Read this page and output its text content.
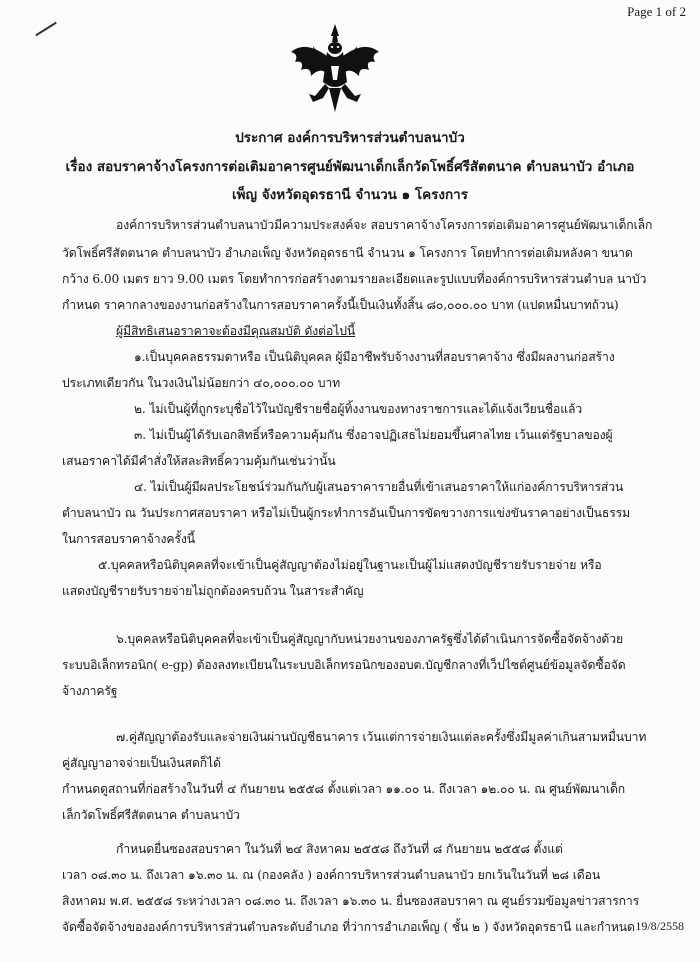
Page 1 of 2
ประกาศ องค์การบริหารส่วนตำบลนาบัว
เรื่อง สอบราคาจ้างโครงการต่อเติมอาคารศูนย์พัฒนาเด็กเล็กวัดโพธิ์ศรีสัตตนาค ตำบลนาบัว อำเภอ
เพ็ญ จังหวัดอุดรธานี จำนวน ๑ โครงการ
องค์การบริหารส่วนตำบลนาบัวมีความประสงค์จะ สอบราคาจ้างโครงการต่อเติมอาคารศูนย์พัฒนาเด็กเล็ก
วัดโพธิ์ศรีสัตตนาค ตำบลนาบัว อำเภอเพ็ญ จังหวัดอุดรธานี จำนวน ๑ โครงการ โดยทำการต่อเติมหลังคา ขนาด
กว้าง 6.00 เมตร ยาว 9.00 เมตร โดยทำการก่อสร้างตามรายละเอียดและรูปแบบที่องค์การบริหารส่วนตำบล นาบัว
กำหนด ราคากลางของงานก่อสร้างในการสอบราคาครั้งนี้เป็นเงินทั้งสิ้น ๘๐,๐๐๐.๐๐ บาท (แปดหมื่นบาทถ้วน)
ผู้มีสิทธิเสนอราคาจะต้องมีคุณสมบัติ ดังต่อไปนี้
๑.เป็นบุคคลธรรมดาหรือ เป็นนิติบุคคล ผู้มีอาชีพรับจ้างงานที่สอบราคาจ้าง ซึ่งมีผลงานก่อสร้าง
ประเภทเดียวกัน ในวงเงินไม่น้อยกว่า ๔๐,๐๐๐.๐๐ บาท
๒. ไม่เป็นผู้ที่ถูกระบุชื่อไว้ในบัญชีรายชื่อผู้ทิ้งงานของทางราชการและได้แจ้งเวียนชื่อแล้ว
๓. ไม่เป็นผู้ได้รับเอกสิทธิ์หรือความคุ้มกัน ซึ่งอาจปฏิเสธไม่ยอมขึ้นศาลไทย เว้นแต่รัฐบาลของผู้
เสนอราคาได้มีคำสั่งให้สละสิทธิ์ความคุ้มกันเช่นว่านั้น
๔. ไม่เป็นผู้มีผลประโยชน์ร่วมกันกับผู้เสนอราคารายอื่นที่เข้าเสนอราคาให้แก่องค์การบริหารส่วน
ตำบลนาบัว ณ วันประกาศสอบราคา หรือไม่เป็นผู้กระทำการอันเป็นการขัดขวางการแข่งขันราคาอย่างเป็นธรรม
ในการสอบราคาจ้างครั้งนี้
๕.บุคคลหรือนิติบุคคลที่จะเข้าเป็นคู่สัญญาต้องไม่อยู่ในฐานะเป็นผู้ไม่แสดงบัญชีรายรับรายจ่าย หรือ
แสดงบัญชีรายรับรายจ่ายไม่ถูกต้องครบถ้วน ในสาระสำคัญ
๖.บุคคลหรือนิติบุคคลที่จะเข้าเป็นคู่สัญญากับหน่วยงานของภาครัฐซึ่งได้ดำเนินการจัดซื้อจัดจ้างด้วย
ระบบอิเล็กทรอนิก( e-gp) ต้องลงทะเบียนในระบบอิเล็กทรอนิกของอบต.บัญชีกลางที่เว็ปไซต์ศูนย์ข้อมูลจัดซื้อจัด
จ้างภาครัฐ
๗.คู่สัญญาต้องรับและจ่ายเงินผ่านบัญชีธนาคาร เว้นแต่การจ่ายเงินแต่ละครั้งซึ่งมีมูลค่าเกินสามหมื่นบาท
คู่สัญญาอาจจ่ายเป็นเงินสดก็ได้
กำหนดดูสถานที่ก่อสร้างในวันที่ ๔ กันยายน ๒๕๕๘ ตั้งแต่เวลา ๑๑.๐๐ น. ถึงเวลา ๑๒.๐๐ น. ณ ศูนย์พัฒนาเด็ก
เล็กวัดโพธิ์ศรีสัตตนาค ตำบลนาบัว
กำหนดยื่นซองสอบราคา ในวันที่ ๒๔ สิงหาคม ๒๕๕๘ ถึงวันที่ ๘ กันยายน ๒๕๕๘ ตั้งแต่
เวลา ๐๘.๓๐ น. ถึงเวลา ๑๖.๓๐ น. ณ (กองคลัง ) องค์การบริหารส่วนตำบลนาบัว ยกเว้นในวันที่ ๒๘ เดือน
สิงหาคม พ.ศ. ๒๕๕๘ ระหว่างเวลา ๐๘.๓๐ น. ถึงเวลา ๑๖.๓๐ น. ยื่นซองสอบราคา ณ ศูนย์รวมข้อมูลข่าวสารการ
จัดซื้อจัดจ้างขององค์การบริหารส่วนตำบลระดับอำเภอ ที่ว่าการอำเภอเพ็ญ ( ชั้น ๒ ) จังหวัดอุดรธานี และกำหนด 19/8/2558
